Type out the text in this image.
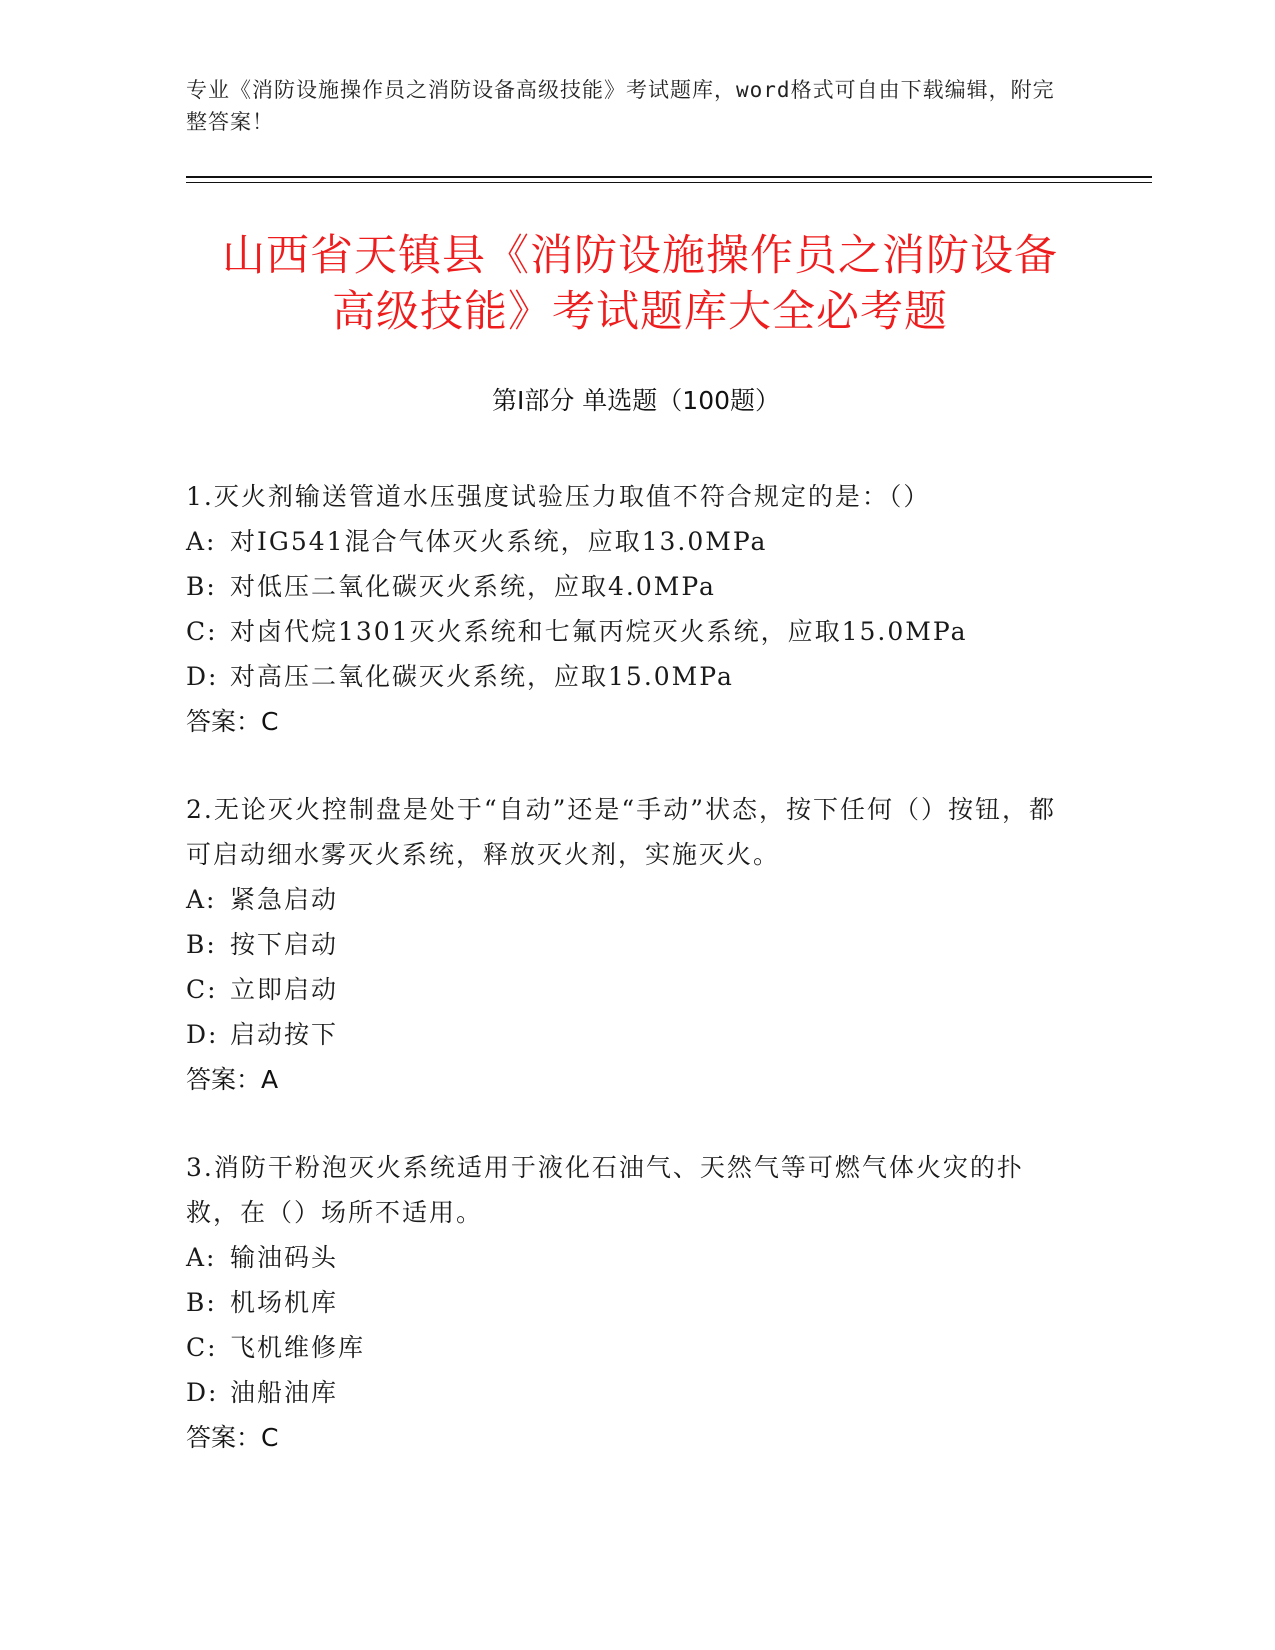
专业《消防设施操作员之消防设备高级技能》考试题库，word格式可自由下载编辑，附完整答案！
山西省天镇县《消防设施操作员之消防设备
高级技能》考试题库大全必考题
第Ⅰ部分 单选题（100题）
1.灭火剂输送管道水压强度试验压力取值不符合规定的是：（）
A: 对IG541混合气体灭火系统，应取13.0MPa
B: 对低压二氧化碳灭火系统，应取4.0MPa
C: 对卤代烷1301灭火系统和七氟丙烷灭火系统，应取15.0MPa
D: 对高压二氧化碳灭火系统，应取15.0MPa
答案：C
2.无论灭火控制盘是处于“自动”还是“手动”状态，按下任何（）按钮，都可启动细水雾灭火系统，释放灭火剂，实施灭火。
A: 紧急启动
B: 按下启动
C: 立即启动
D: 启动按下
答案：A
3.消防干粉泡灭火系统适用于液化石油气、天然气等可燃气体火灾的扑救，在（）场所不适用。
A: 输油码头
B: 机场机库
C: 飞机维修库
D: 油船油库
答案：C
